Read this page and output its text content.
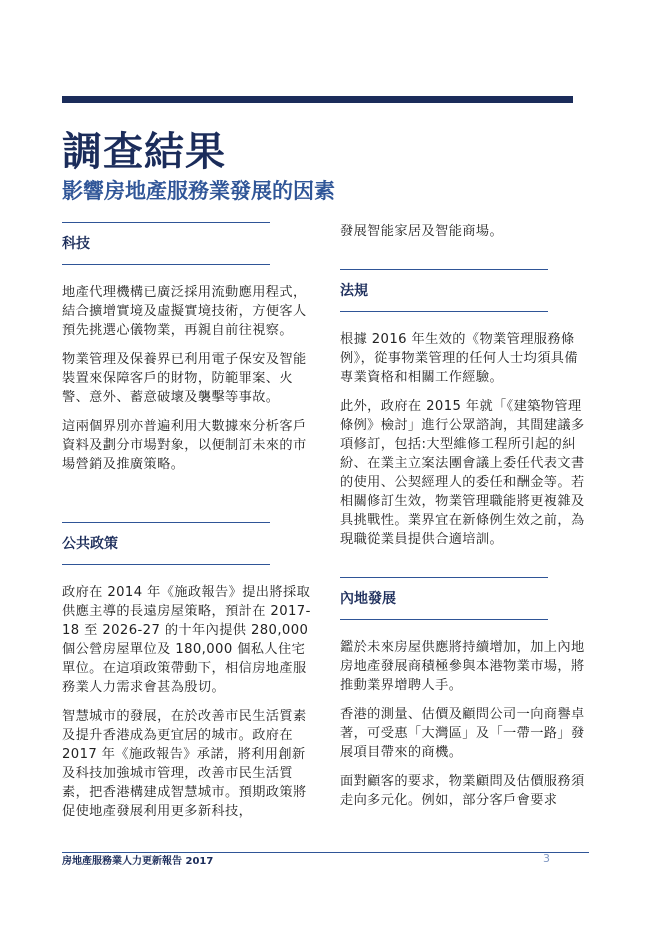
調查結果
影響房地產服務業發展的因素
科技

地產代理機構已廣泛採用流動應用程式，結合擴增實境及虛擬實境技術，方便客人預先挑選心儀物業，再親自前往視察。

物業管理及保養界已利用電子保安及智能裝置來保障客戶的財物，防範罪案、火警、意外、蓄意破壞及襲擊等事故。

這兩個界別亦普遍利用大數據來分析客戶資料及劃分市場對象，以便制訂未來的市場營銷及推廣策略。

公共政策

政府在 2014 年《施政報告》提出將採取供應主導的長遠房屋策略，預計在 2017-18 至 2026-27 的十年內提供 280,000 個公營房屋單位及 180,000 個私人住宅單位。在這項政策帶動下，相信房地產服務業人力需求會甚為殷切。

智慧城市的發展，在於改善市民生活質素及提升香港成為更宜居的城市。政府在 2017 年《施政報告》承諾，將利用創新及科技加強城市管理，改善市民生活質素，把香港構建成智慧城市。預期政策將促使地產發展利用更多新科技，

發展智能家居及智能商場。

法規

根據 2016 年生效的《物業管理服務條例》，從事物業管理的任何人士均須具備專業資格和相關工作經驗。

此外，政府在 2015 年就「《建築物管理條例》檢討」進行公眾諮詢，其間建議多項修訂，包括:大型維修工程所引起的糾紛、在業主立案法團會議上委任代表文書的使用、公契經理人的委任和酬金等。若相關修訂生效，物業管理職能將更複雜及具挑戰性。業界宜在新條例生效之前，為現職從業員提供合適培訓。

內地發展

鑑於未來房屋供應將持續增加，加上內地房地產發展商積極參與本港物業市場，將推動業界增聘人手。

香港的測量、估價及顧問公司一向商譽卓著，可受惠「大灣區」及「一帶一路」發展項目帶來的商機。

面對顧客的要求，物業顧問及估價服務須走向多元化。例如，部分客戶會要求

房地產服務業人力更新報告 2017	3
